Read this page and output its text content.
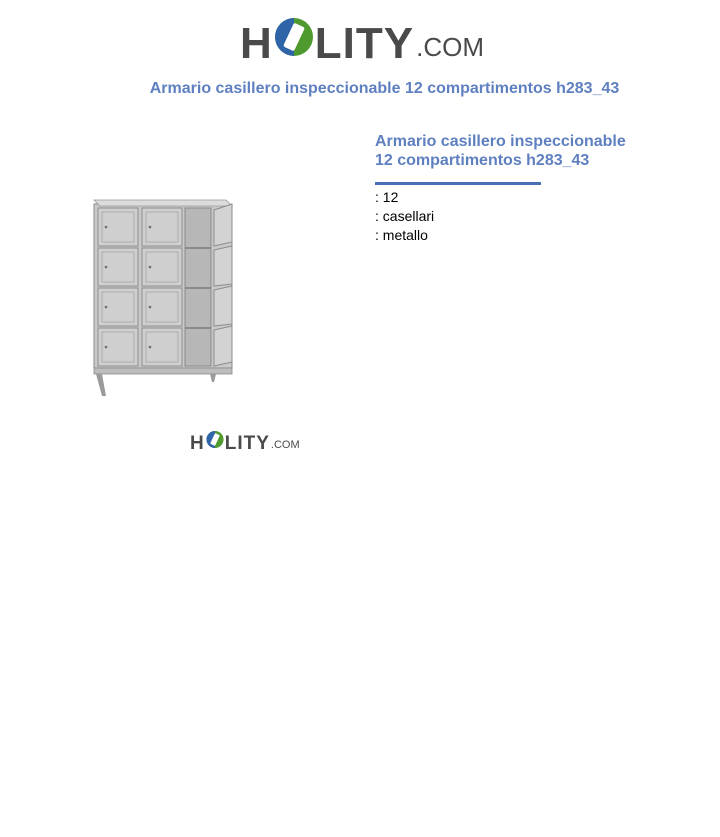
H LITY .COM
Armario casillero inspeccionable 12 compartimentos h283_43
H LITY .COM
Armario casillero inspeccionable
12 compartimentos h283_43
: 12
: casellari
: metallo
